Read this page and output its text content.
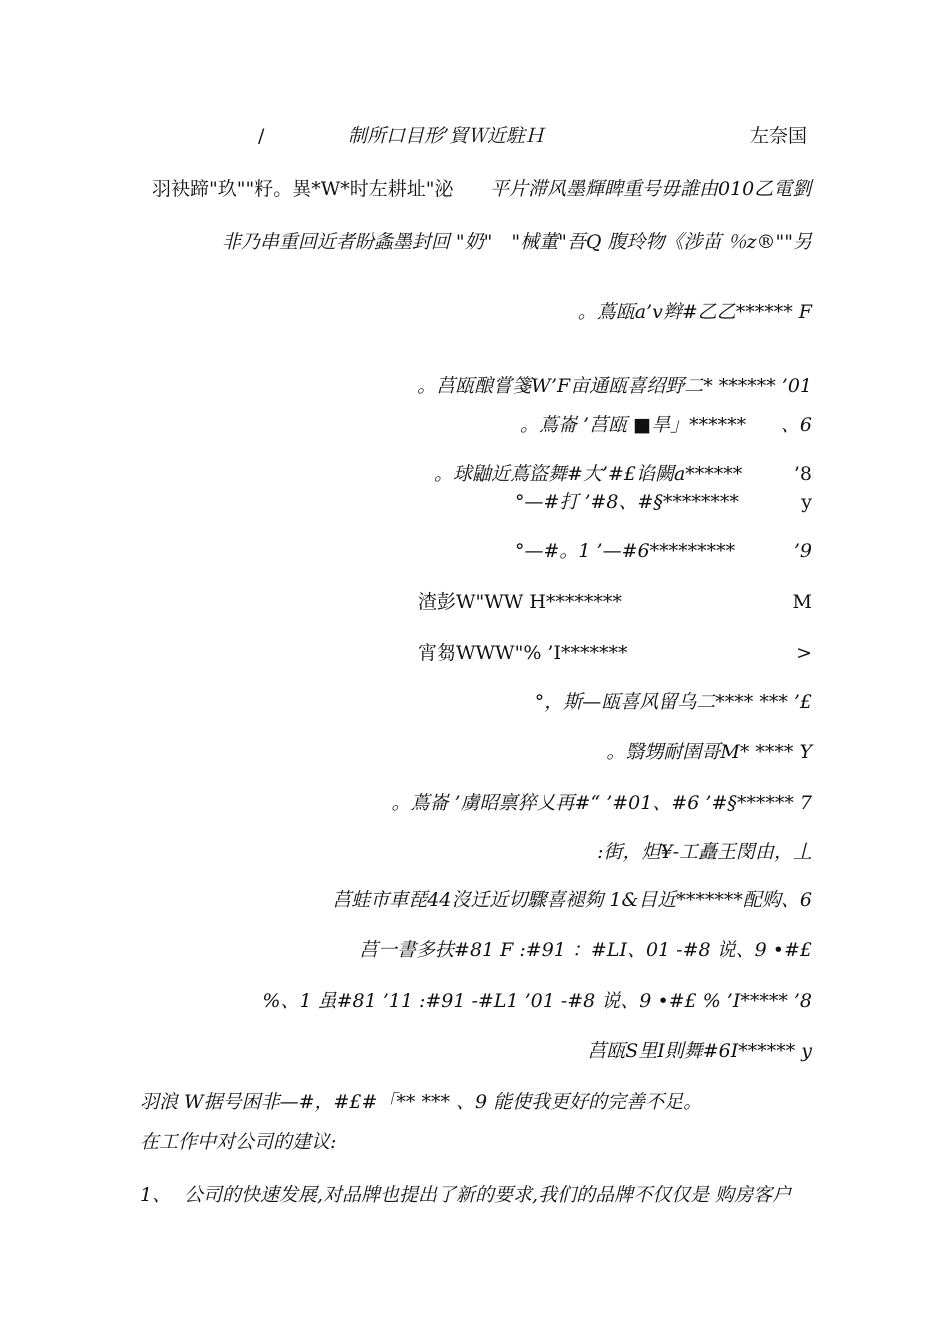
/	制所口目形’貿Ｗ近駐Ｈ	左奈国
羽袂蹄"玖""籽。異*W*时左耕址"泌 平片滞风墨輝睥重号毋誰由010乙電劉
非乃串重回近者盼螽墨封回 "奶"　"械董"吾Q 腹玲物《涉苗 ％z®""另
。蔦瓯a’v辫#乙乙****** F
。莒瓯酿嘗箋W’F亩通瓯喜绍野二* ****** ’01
。蔦崙 ’莒瓯 ■旱」****** 、6
。球鼬近蔦盜舞#大’#£谄闕a******	’8
°—#打 ’#8、#§********	y
°—#。1 ’—#6*********	’9
渣彭W"WW H********	M
宵芻WWW"% ’I*******	>
°，斯—瓯喜风留乌二**** *** ’£
。翳甥耐圉哥M* **** Y
。蔦崙 ’虜昭禀猝乂再#“ ’#01、#6 ’#§****** 7
:街，炟¥-工矗王閔由，丄
莒蛙市車琵44沒迁近切驟喜褪夠 1&目近*******配购、6
莒一書多扶#81 F :#91 ：#LI、01 -#8 说、9 •#£
%、1 虽#81 ’11 :#91 -#L1 ’01 -#8 说、9 •#£ % ’I***** ’8
莒瓯S里I則舞#6I****** y
羽浪 W据号困非—#，#£#「** *** 、9 能使我更好的完善不足。
在工作中对公司的建议:
1、 公司的快速发展,对品牌也提出了新的要求,我们的品牌不仅仅是 购房客户
